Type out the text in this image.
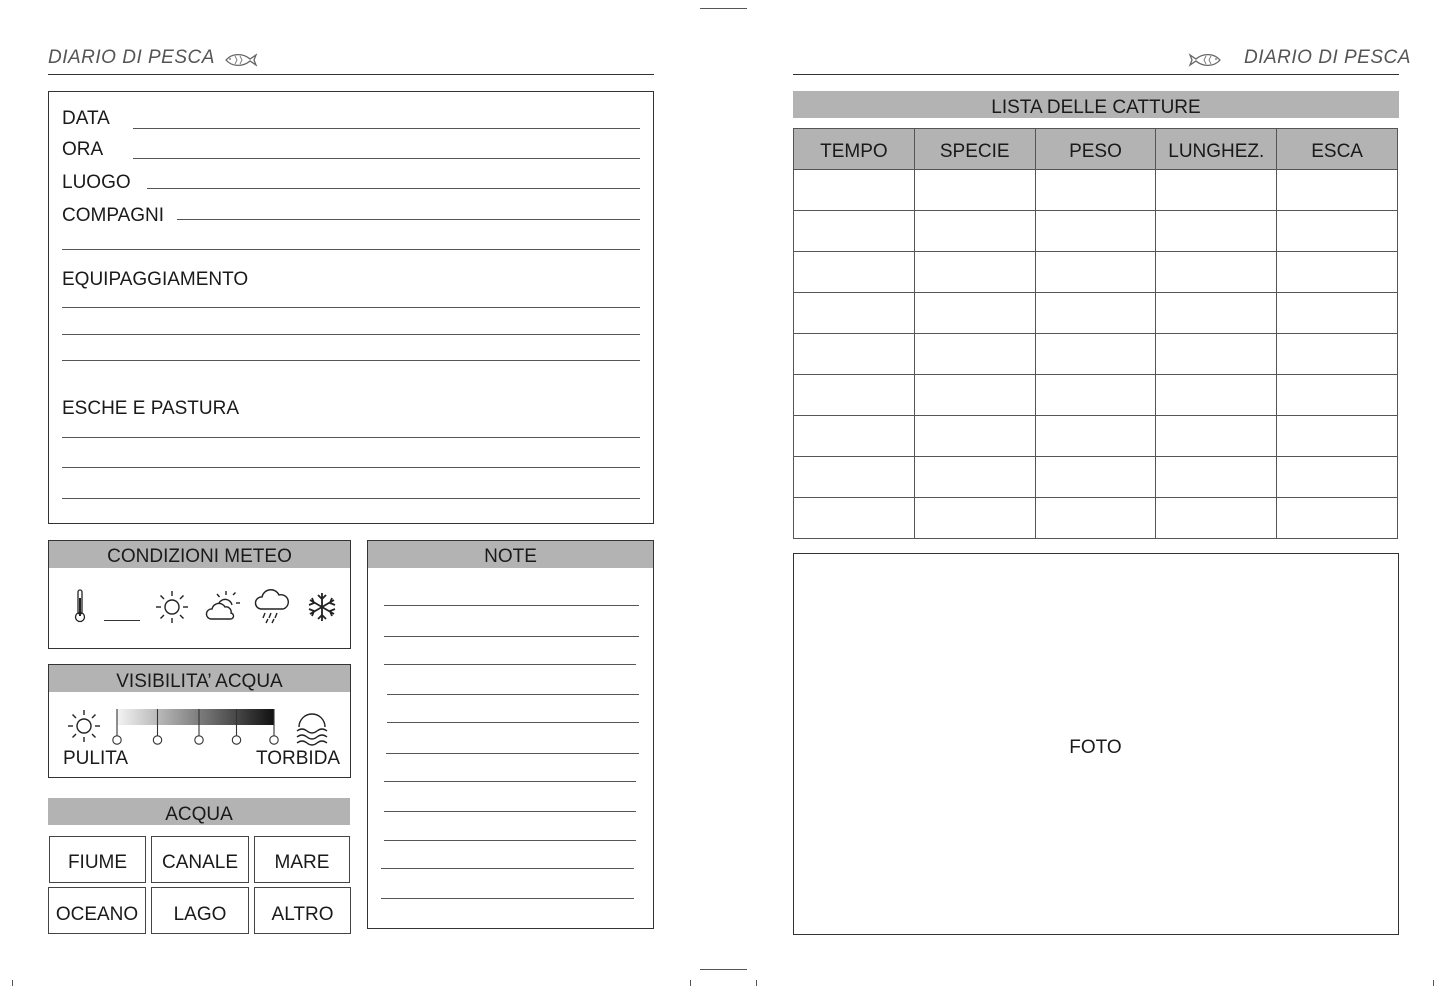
DIARIO DI PESCA
DATA
ORA
LUOGO
COMPAGNI
EQUIPAGGIAMENTO
ESCHE E PASTURA
CONDIZIONI METEO
VISIBILITA’ ACQUA
PULITA	TORBIDA
ACQUA
FIUME	CANALE	MARE
OCEANO	LAGO	ALTRO
NOTE
DIARIO DI PESCA
LISTA DELLE CATTURE
TEMPO	SPECIE	PESO	LUNGHEZ.	ESCA

FOTO
